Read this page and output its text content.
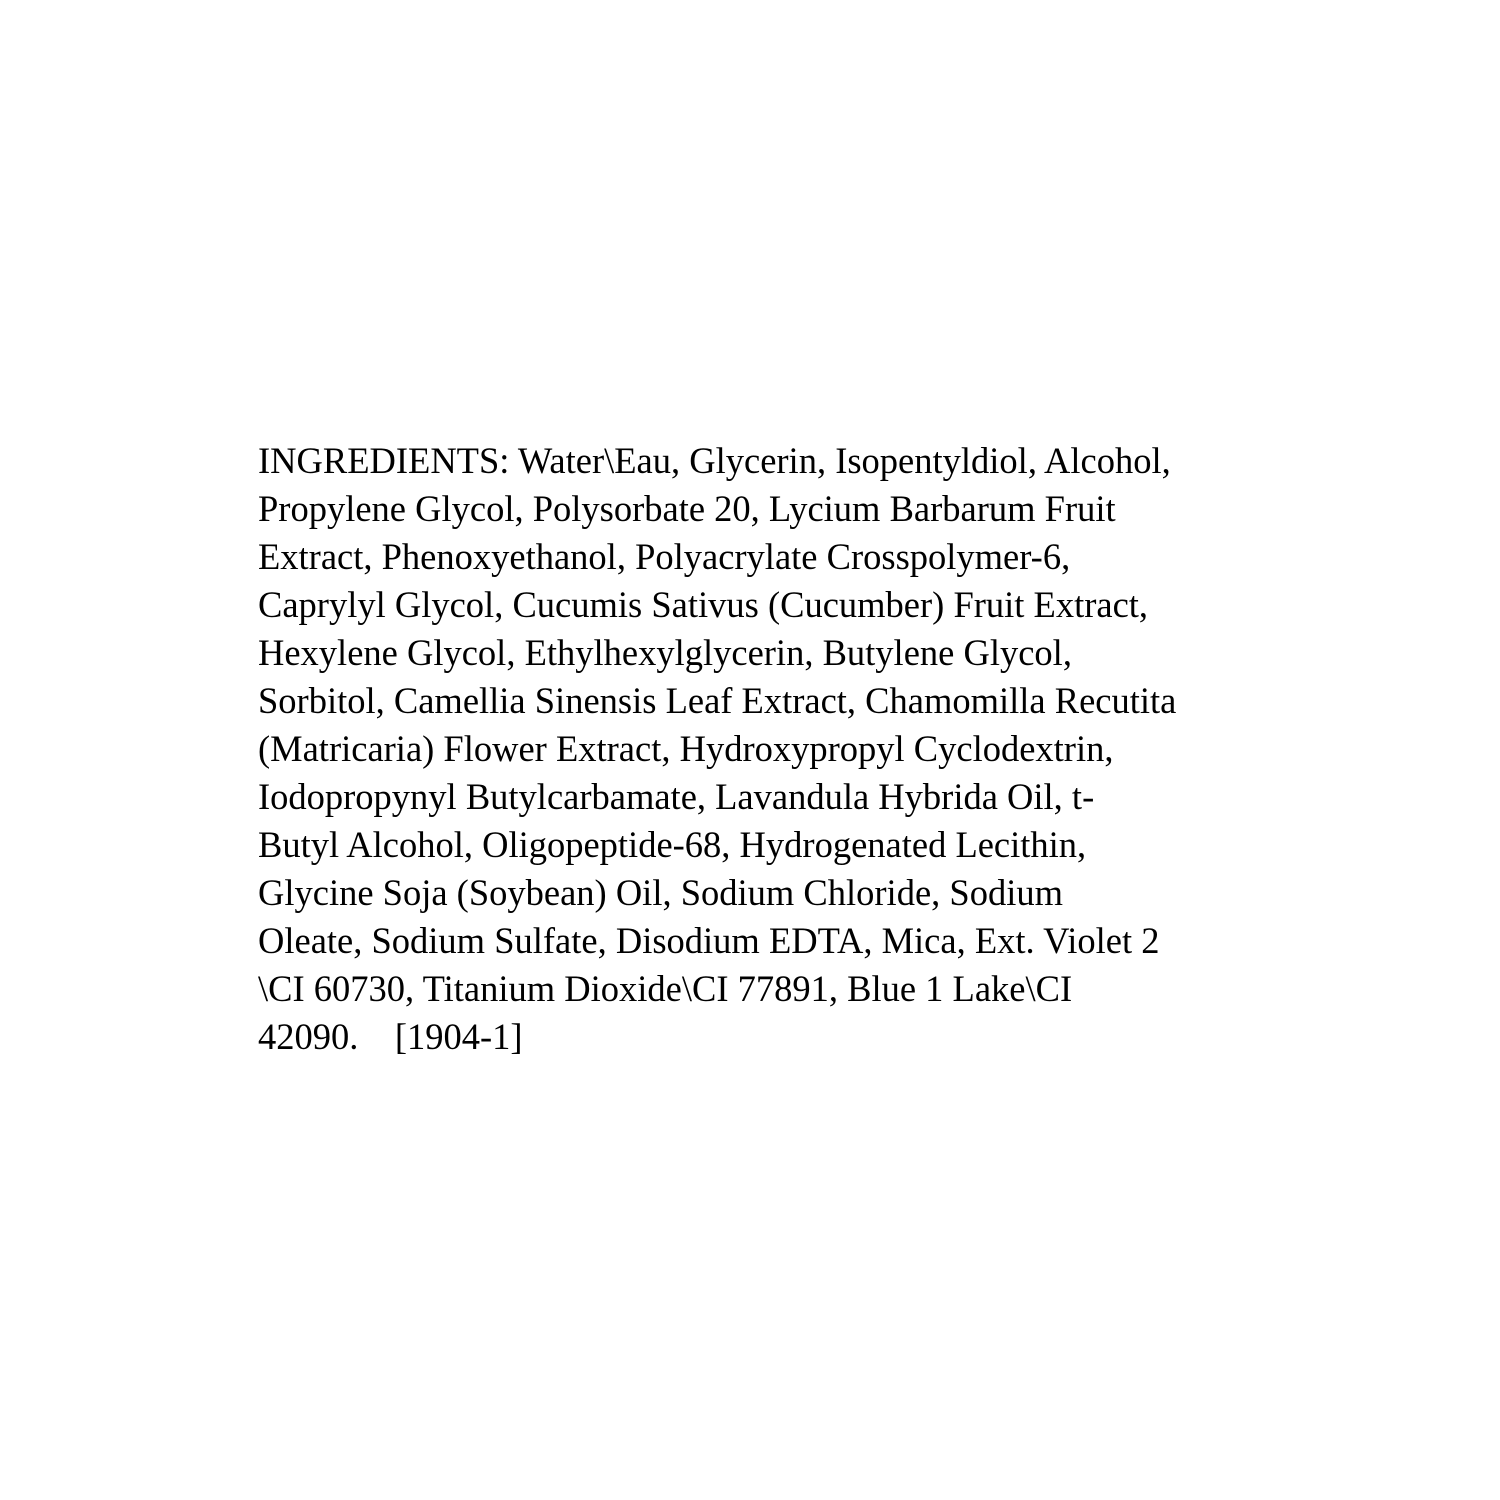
INGREDIENTS: Water\Eau, Glycerin, Isopentyldiol, Alcohol,
Propylene Glycol, Polysorbate 20, Lycium Barbarum Fruit
Extract, Phenoxyethanol, Polyacrylate Crosspolymer-6,
Caprylyl Glycol, Cucumis Sativus (Cucumber) Fruit Extract,
Hexylene Glycol, Ethylhexylglycerin, Butylene Glycol,
Sorbitol, Camellia Sinensis Leaf Extract, Chamomilla Recutita
(Matricaria) Flower Extract, Hydroxypropyl Cyclodextrin,
Iodopropynyl Butylcarbamate, Lavandula Hybrida Oil, t-
Butyl Alcohol, Oligopeptide-68, Hydrogenated Lecithin,
Glycine Soja (Soybean) Oil, Sodium Chloride, Sodium
Oleate, Sodium Sulfate, Disodium EDTA, Mica, Ext. Violet 2
\CI 60730, Titanium Dioxide\CI 77891, Blue 1 Lake\CI
42090.    [1904-1]
